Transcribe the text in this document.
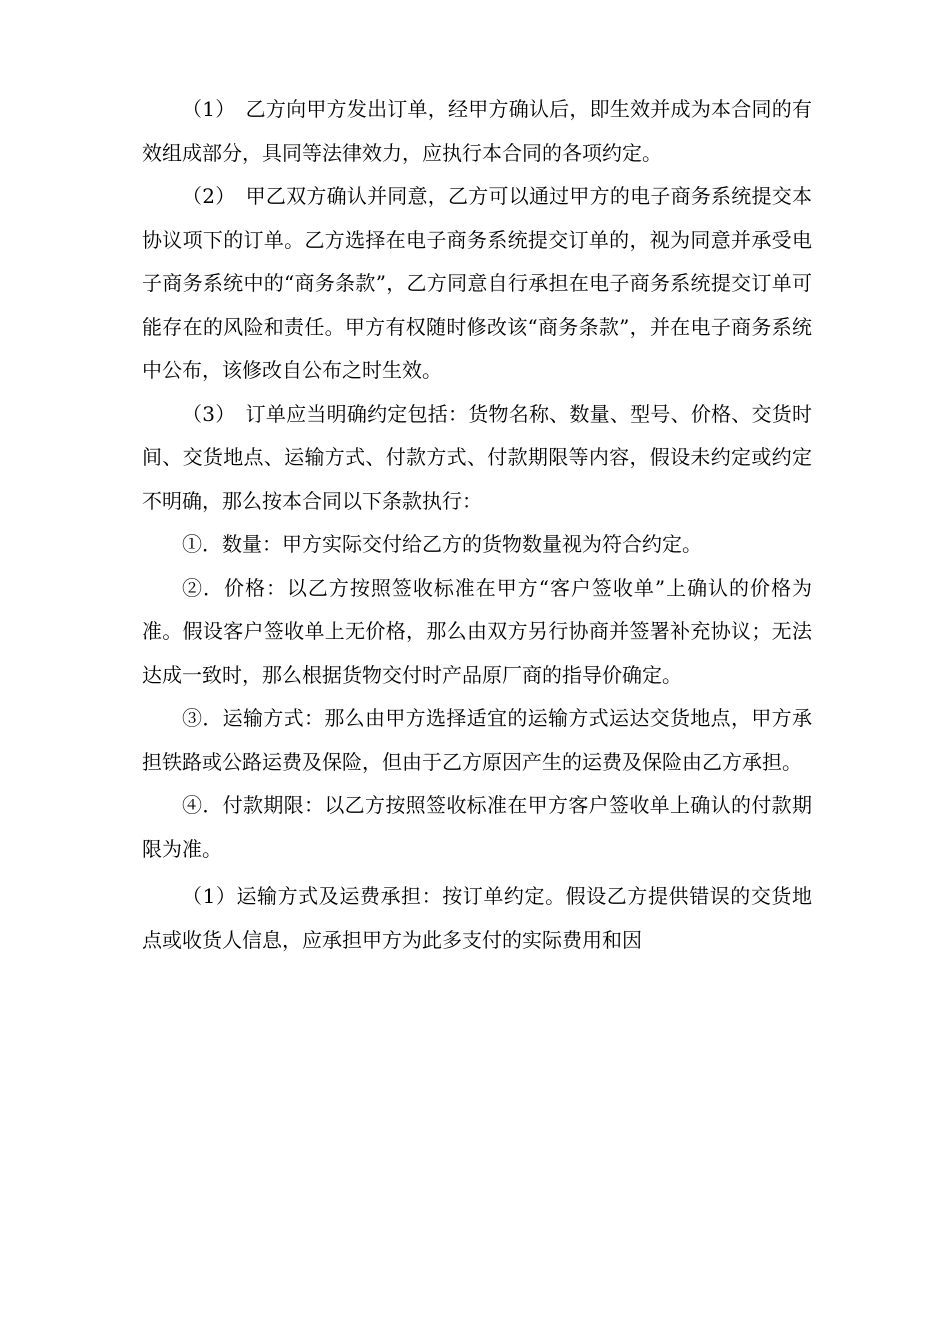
（1）　乙方向甲方发出订单，经甲方确认后，即生效并成为本合同的有效组成部分，具同等法律效力，应执行本合同的各项约定。

（2）　甲乙双方确认并同意，乙方可以通过甲方的电子商务系统提交本协议项下的订单。乙方选择在电子商务系统提交订单的，视为同意并承受电子商务系统中的“商务条款”，乙方同意自行承担在电子商务系统提交订单可能存在的风险和责任。甲方有权随时修改该“商务条款”，并在电子商务系统中公布，该修改自公布之时生效。

（3）　订单应当明确约定包括：货物名称、数量、型号、价格、交货时间、交货地点、运输方式、付款方式、付款期限等内容，假设未约定或约定不明确，那么按本合同以下条款执行：

①．数量：甲方实际交付给乙方的货物数量视为符合约定。

②．价格：以乙方按照签收标准在甲方“客户签收单”上确认的价格为准。假设客户签收单上无价格，那么由双方另行协商并签署补充协议；无法达成一致时，那么根据货物交付时产品原厂商的指导价确定。

③．运输方式：那么由甲方选择适宜的运输方式运达交货地点，甲方承担铁路或公路运费及保险，但由于乙方原因产生的运费及保险由乙方承担。

④．付款期限：以乙方按照签收标准在甲方客户签收单上确认的付款期限为准。

（1）运输方式及运费承担：按订单约定。假设乙方提供错误的交货地点或收货人信息，应承担甲方为此多支付的实际费用和因
